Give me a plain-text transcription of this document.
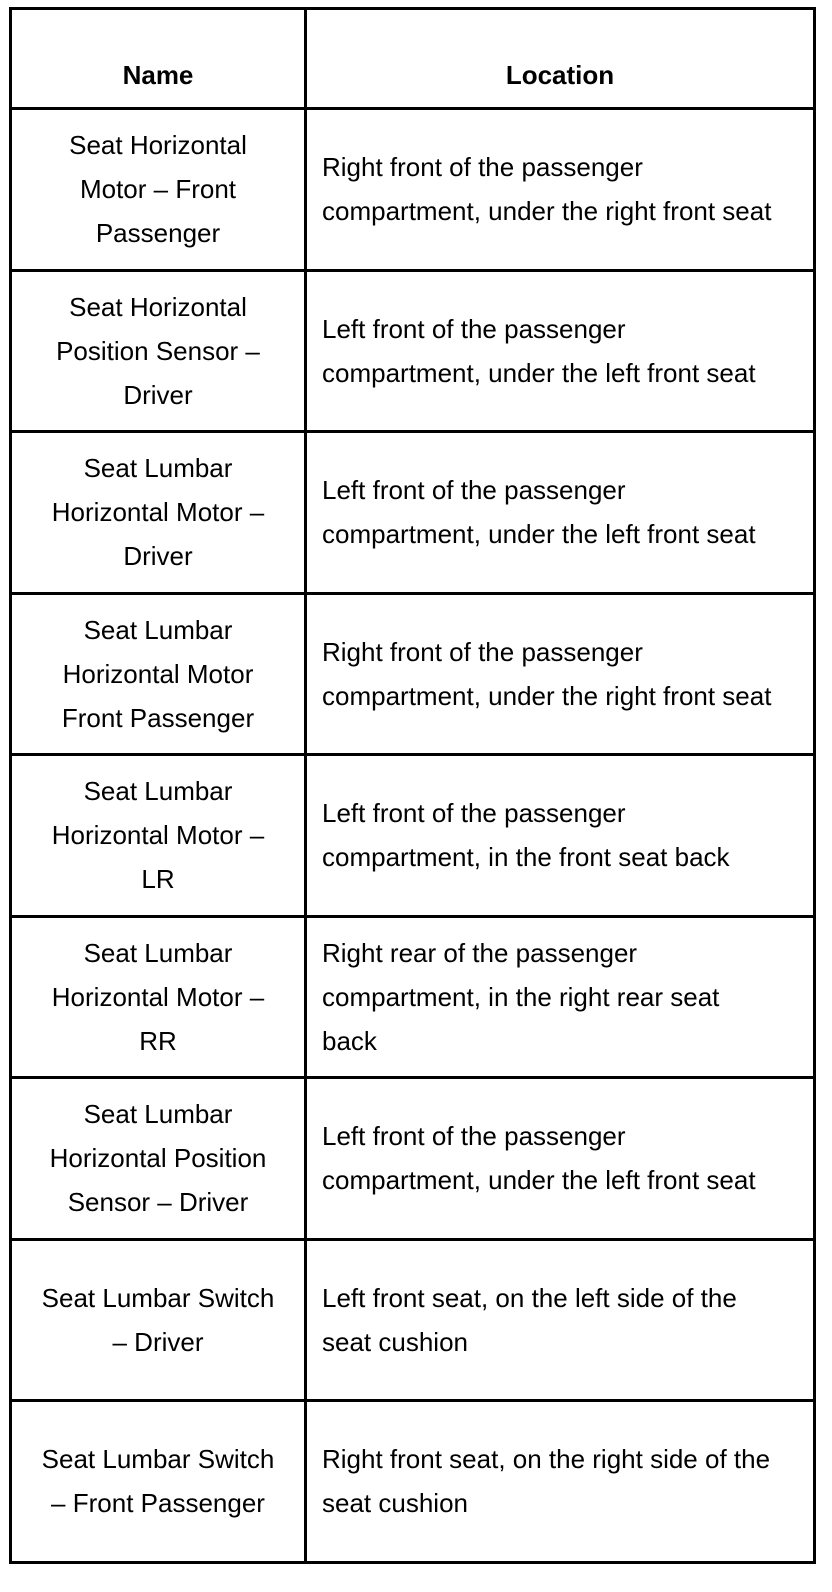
Name	Location
Seat Horizontal Motor – Front Passenger	Right front of the passenger compartment, under the right front seat
Seat Horizontal Position Sensor – Driver	Left front of the passenger compartment, under the left front seat
Seat Lumbar Horizontal Motor – Driver	Left front of the passenger compartment, under the left front seat
Seat Lumbar Horizontal Motor Front Passenger	Right front of the passenger compartment, under the right front seat
Seat Lumbar Horizontal Motor – LR	Left front of the passenger compartment, in the front seat back
Seat Lumbar Horizontal Motor – RR	Right rear of the passenger compartment, in the right rear seat back
Seat Lumbar Horizontal Position Sensor – Driver	Left front of the passenger compartment, under the left front seat
Seat Lumbar Switch – Driver	Left front seat, on the left side of the seat cushion
Seat Lumbar Switch – Front Passenger	Right front seat, on the right side of the seat cushion
